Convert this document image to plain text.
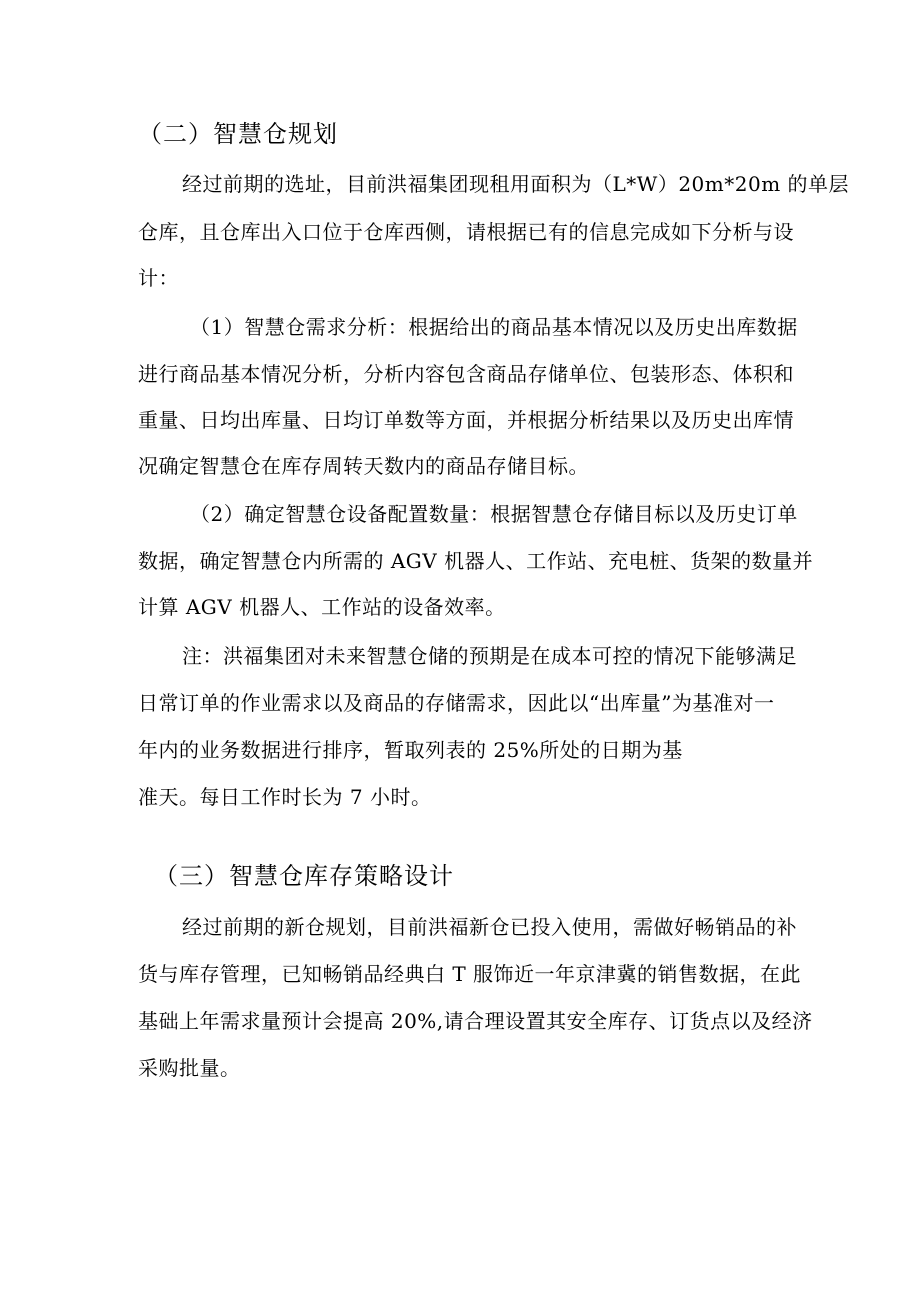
（二）智慧仓规划
经过前期的选址，目前洪福集团现租用面积为（L*W）20m*20m 的单层
仓库，且仓库出入口位于仓库西侧，请根据已有的信息完成如下分析与设
计：
（1）智慧仓需求分析：根据给出的商品基本情况以及历史出库数据
进行商品基本情况分析，分析内容包含商品存储单位、包装形态、体积和
重量、日均出库量、日均订单数等方面，并根据分析结果以及历史出库情
况确定智慧仓在库存周转天数内的商品存储目标。
（2）确定智慧仓设备配置数量：根据智慧仓存储目标以及历史订单
数据，确定智慧仓内所需的 AGV 机器人、工作站、充电桩、货架的数量并
计算 AGV 机器人、工作站的设备效率。
注：洪福集团对未来智慧仓储的预期是在成本可控的情况下能够满足
日常订单的作业需求以及商品的存储需求，因此以“出库量”为基准对一
年内的业务数据进行排序，暂取列表的 25%所处的日期为基
准天。每日工作时长为 7 小时。
（三）智慧仓库存策略设计
经过前期的新仓规划，目前洪福新仓已投入使用，需做好畅销品的补
货与库存管理，已知畅销品经典白 T 服饰近一年京津冀的销售数据，在此
基础上年需求量预计会提高 20%,请合理设置其安全库存、订货点以及经济
采购批量。
